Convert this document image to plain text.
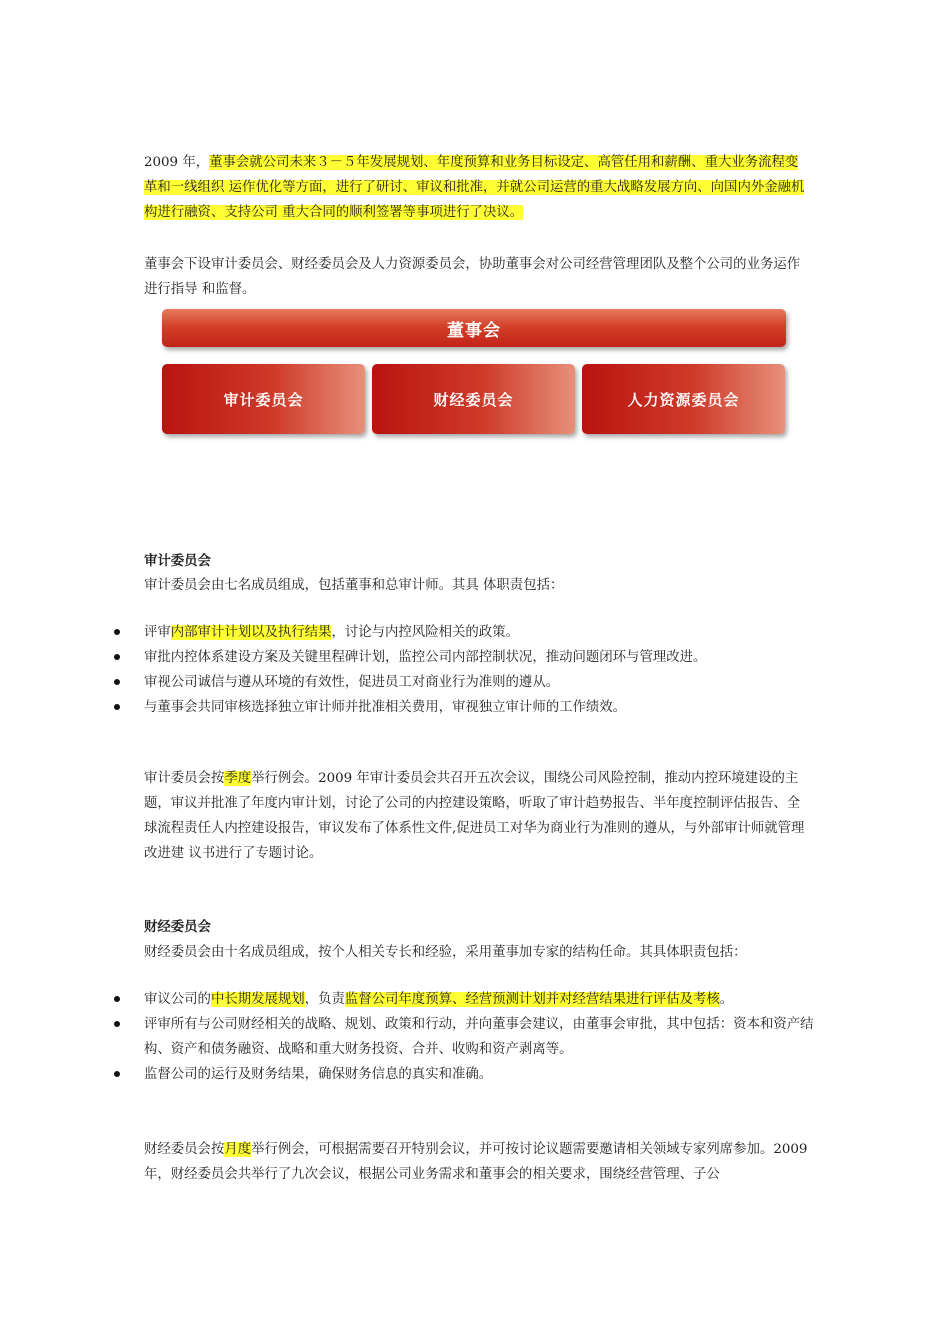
2009 年，董事会就公司未来３－５年发展规划、年度预算和业务目标设定、高管任用和薪酬、重大业务流程变革和一线组织 运作优化等方面，进行了研讨、审议和批准，并就公司运营的重大战略发展方向、向国内外金融机构进行融资、支持公司 重大合同的顺利签署等事项进行了决议。

董事会下设审计委员会、财经委员会及人力资源委员会，协助董事会对公司经营管理团队及整个公司的业务运作进行指导 和监督。

董事会
审计委员会	财经委员会	人力资源委员会
审计委员会

审计委员会由七名成员组成，包括董事和总审计师。其具 体职责包括：

评审内部审计计划以及执行结果，讨论与内控风险相关的政策。
审批内控体系建设方案及关键里程碑计划，监控公司内部控制状况，推动问题闭环与管理改进。
审视公司诚信与遵从环境的有效性，促进员工对商业行为准则的遵从。
与董事会共同审核选择独立审计师并批准相关费用，审视独立审计师的工作绩效。

审计委员会按季度举行例会。2009 年审计委员会共召开五次会议，围绕公司风险控制，推动内控环境建设的主题，审议并批准了年度内审计划，讨论了公司的内控建设策略，听取了审计趋势报告、半年度控制评估报告、全球流程责任人内控建设报告，审议发布了体系性文件,促进员工对华为商业行为准则的遵从，与外部审计师就管理改进建 议书进行了专题讨论。

财经委员会

财经委员会由十名成员组成，按个人相关专长和经验，采用董事加专家的结构任命。其具体职责包括：

审议公司的中长期发展规划，负责监督公司年度预算、经营预测计划并对经营结果进行评估及考核。
评审所有与公司财经相关的战略、规划、政策和行动，并向董事会建议，由董事会审批，其中包括：资本和资产结构、资产和债务融资、战略和重大财务投资、合并、收购和资产剥离等。
监督公司的运行及财务结果，确保财务信息的真实和准确。

财经委员会按月度举行例会，可根据需要召开特别会议，并可按讨论议题需要邀请相关领域专家列席参加。2009 年，财经委员会共举行了九次会议，根据公司业务需求和董事会的相关要求，围绕经营管理、子公
